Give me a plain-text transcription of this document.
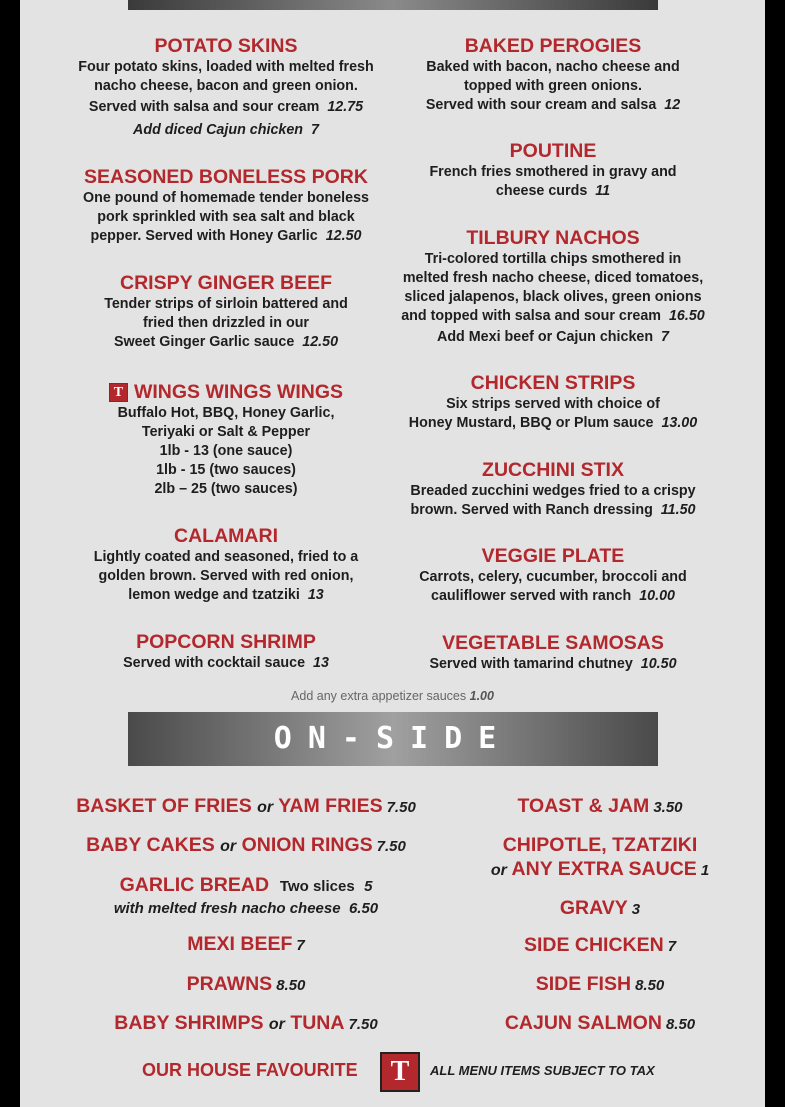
POTATO SKINS
Four potato skins, loaded with melted fresh
nacho cheese, bacon and green onion.
Served with salsa and sour cream 12.75
Add diced Cajun chicken 7
SEASONED BONELESS PORK
One pound of homemade tender boneless
pork sprinkled with sea salt and black
pepper. Served with Honey Garlic 12.50
CRISPY GINGER BEEF
Tender strips of sirloin battered and
fried then drizzled in our
Sweet Ginger Garlic sauce 12.50
T WINGS WINGS WINGS
Buffalo Hot, BBQ, Honey Garlic,
Teriyaki or Salt & Pepper
1lb - 13 (one sauce)
1lb - 15 (two sauces)
2lb – 25 (two sauces)
CALAMARI
Lightly coated and seasoned, fried to a
golden brown. Served with red onion,
lemon wedge and tzatziki 13
POPCORN SHRIMP
Served with cocktail sauce 13
BAKED PEROGIES
Baked with bacon, nacho cheese and
topped with green onions.
Served with sour cream and salsa 12
POUTINE
French fries smothered in gravy and
cheese curds 11
TILBURY NACHOS
Tri-colored tortilla chips smothered in
melted fresh nacho cheese, diced tomatoes,
sliced jalapenos, black olives, green onions
and topped with salsa and sour cream 16.50
Add Mexi beef or Cajun chicken 7
CHICKEN STRIPS
Six strips served with choice of
Honey Mustard, BBQ or Plum sauce 13.00
ZUCCHINI STIX
Breaded zucchini wedges fried to a crispy
brown. Served with Ranch dressing 11.50
VEGGIE PLATE
Carrots, celery, cucumber, broccoli and
cauliflower served with ranch 10.00
VEGETABLE SAMOSAS
Served with tamarind chutney 10.50
Add any extra appetizer sauces 1.00
ON-SIDE
BASKET OF FRIES or YAM FRIES 7.50
BABY CAKES or ONION RINGS 7.50
GARLIC BREAD Two slices 5
with melted fresh nacho cheese 6.50
MEXI BEEF 7
PRAWNS 8.50
BABY SHRIMPS or TUNA 7.50
TOAST & JAM 3.50
CHIPOTLE, TZATZIKI
or ANY EXTRA SAUCE 1
GRAVY 3
SIDE CHICKEN 7
SIDE FISH 8.50
CAJUN SALMON 8.50
OUR HOUSE FAVOURITE	T	ALL MENU ITEMS SUBJECT TO TAX
